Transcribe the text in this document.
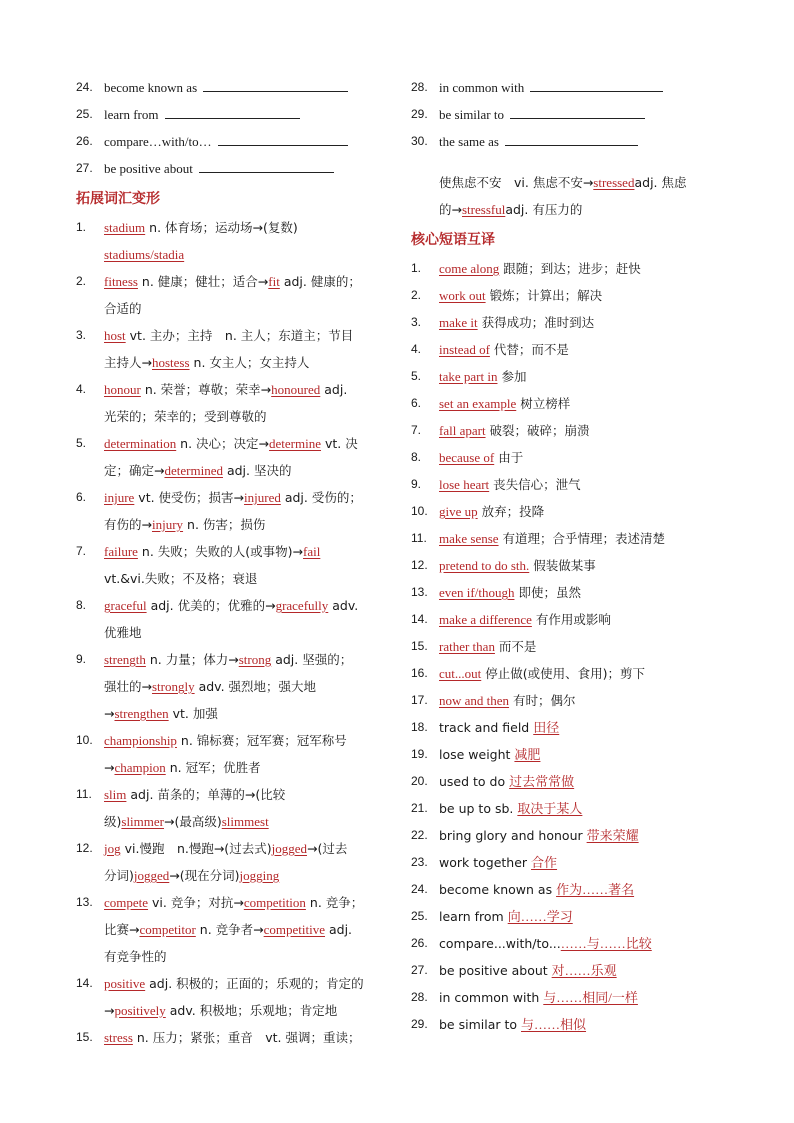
24. become known as
25. learn from
26. compare…with/to…
27. be positive about
拓展词汇变形
1.	stadium n. 体育场；运动场→(复数)
stadiums/stadia
2.	fitness n. 健康；健壮；适合→fit adj. 健康的；
合适的
3.	host vt. 主办；主持　n. 主人；东道主；节目
主持人→hostess n. 女主人；女主持人
4.	honour n. 荣誉；尊敬；荣幸→honoured adj.
光荣的；荣幸的；受到尊敬的
5.	determination n. 决心；决定→determine vt. 决
定；确定→determined adj. 坚决的
6.	injure vt. 使受伤；损害→injured adj. 受伤的；
有伤的→injury n. 伤害；损伤
7.	failure n. 失败；失败的人(或事物)→fail
vt.&vi.失败；不及格；衰退
8.	graceful adj. 优美的；优雅的→gracefully adv.
优雅地
9.	strength n. 力量；体力→strong adj. 坚强的；
强壮的→strongly adv. 强烈地；强大地
→strengthen vt. 加强
10. championship n. 锦标赛；冠军赛；冠军称号
→champion n. 冠军；优胜者
11. slim adj. 苗条的；单薄的→(比较
级)slimmer→(最高级)slimmest
12. jog vi.慢跑　n.慢跑→(过去式)jogged→(过去
分词)jogged→(现在分词)jogging
13. compete vi. 竞争；对抗→competition n. 竞争；
比赛→competitor n. 竞争者→competitive adj.
有竞争性的
14. positive adj. 积极的；正面的；乐观的；肯定的
→positively adv. 积极地；乐观地；肯定地
15. stress n. 压力；紧张；重音　vt. 强调；重读；
28. in common with
29. be similar to
30. the same as
使焦虑不安　vi. 焦虑不安→stressedadj. 焦虑
的→stressfuladj. 有压力的
核心短语互译
1.	come along 跟随；到达；进步；赶快
2.	work out 锻炼；计算出；解决
3.	make it 获得成功；准时到达
4.	instead of 代替；而不是
5.	take part in 参加
6.	set an example 树立榜样
7.	fall apart 破裂；破碎；崩溃
8.	because of 由于
9.	lose heart 丧失信心；泄气
10. give up 放弃；投降
11. make sense 有道理；合乎情理；表述清楚
12. pretend to do sth. 假装做某事
13. even if/though 即使；虽然
14. make a difference 有作用或影响
15. rather than 而不是
16. cut...out 停止做(或使用、食用)；剪下
17. now and then 有时；偶尔
18. track and field 田径
19. lose weight 减肥
20. used to do 过去常常做
21. be up to sb. 取决于某人
22. bring glory and honour 带来荣耀
23. work together 合作
24. become known as 作为……著名
25. learn from 向……学习
26. compare...with/to...……与……比较
27. be positive about 对……乐观
28. in common with 与……相同/一样
29. be similar to 与……相似
